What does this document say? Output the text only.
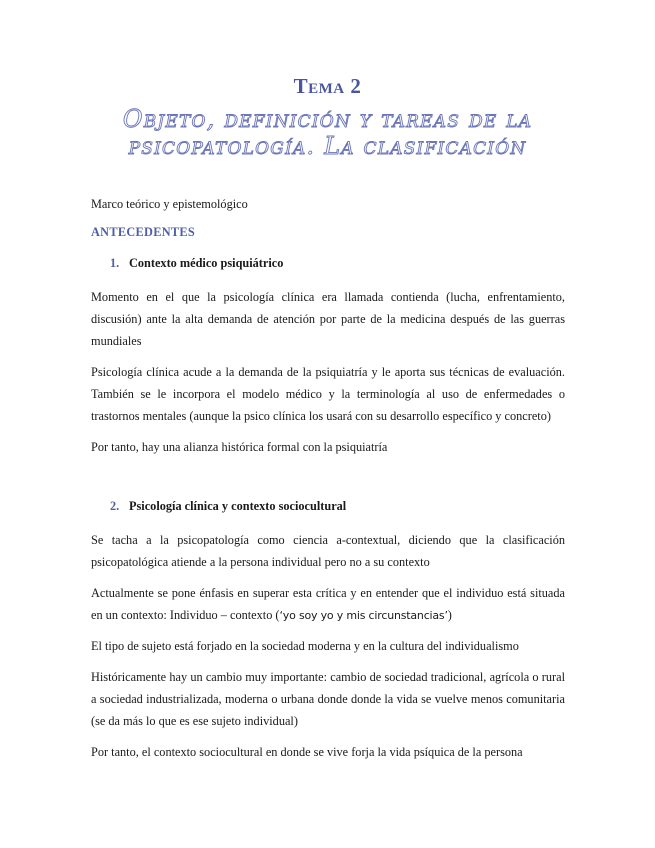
Tema 2
Objeto, definición y tareas de la
psicopatología. La clasificación
Marco teórico y epistemológico
ANTECEDENTES
1. Contexto médico psiquiátrico
Momento en el que la psicología clínica era llamada contienda (lucha, enfrentamiento, discusión) ante la alta demanda de atención por parte de la medicina después de las guerras mundiales
Psicología clínica acude a la demanda de la psiquiatría y le aporta sus técnicas de evaluación. También se le incorpora el modelo médico y la terminología al uso de enfermedades o trastornos mentales (aunque la psico clínica los usará con su desarrollo específico y concreto)
Por tanto, hay una alianza histórica formal con la psiquiatría
2. Psicología clínica y contexto sociocultural
Se tacha a la psicopatología como ciencia a-contextual, diciendo que la clasificación psicopatológica atiende a la persona individual pero no a su contexto
Actualmente se pone énfasis en superar esta crítica y en entender que el individuo está situada en un contexto: Individuo – contexto (‘yo soy yo y mis circunstancias’)
El tipo de sujeto está forjado en la sociedad moderna y en la cultura del individualismo
Históricamente hay un cambio muy importante: cambio de sociedad tradicional, agrícola o rural a sociedad industrializada, moderna o urbana donde donde la vida se vuelve menos comunitaria (se da más lo que es ese sujeto individual)
Por tanto, el contexto sociocultural en donde se vive forja la vida psíquica de la persona
